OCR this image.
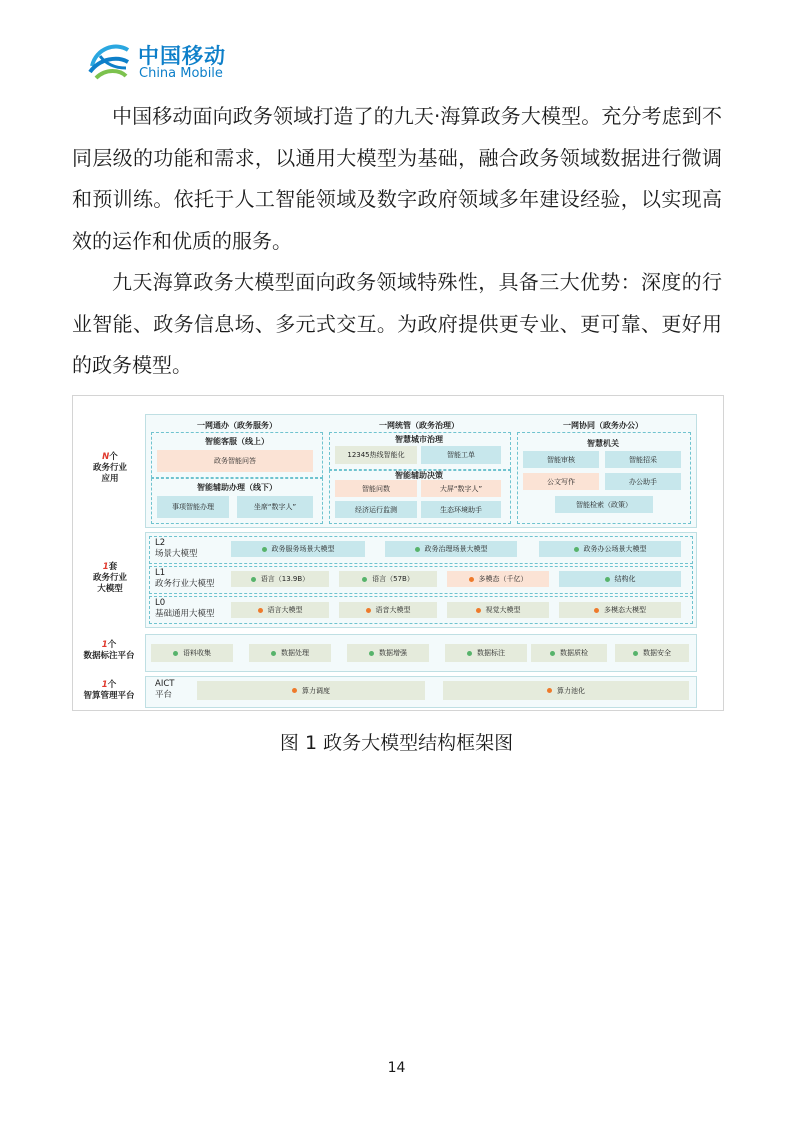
中国移动
China Mobile

中国移动面向政务领域打造了的九天·海算政务大模型。充分考虑到不同层级的功能和需求，以通用大模型为基础，融合政务领域数据进行微调和预训练。依托于人工智能领域及数字政府领域多年建设经验，以实现高效的运作和优质的服务。

九天海算政务大模型面向政务领域特殊性，具备三大优势：深度的行业智能、政务信息场、多元式交互。为政府提供更专业、更可靠、更好用的政务模型。

N个
政务行业
应用
一网通办（政务服务）
智能客服（线上）
政务智能问答
智能辅助办理（线下）
事项智能办理	坐席“数字人”
一网统管（政务治理）
智慧城市治理
12345热线智能化	智能工单
智能辅助决策
智能问数	大屏“数字人”
经济运行监测	生态环境助手
一网协同（政务办公）
智慧机关
智能审核	智能招采
公文写作	办公助手
智能检索（政策）
1套
政务行业
大模型
L2
场景大模型	政务服务场景大模型	政务治理场景大模型	政务办公场景大模型
L1
政务行业大模型	语言（13.9B）	语言（57B）	多模态（千亿）	结构化
L0
基础通用大模型	语言大模型	语音大模型	视觉大模型	多模态大模型
1个
数据标注平台	语料收集	数据处理	数据增强	数据标注	数据质检	数据安全
1个
智算管理平台
AICT
平台	算力调度	算力池化
图 1 政务大模型结构框架图
14
